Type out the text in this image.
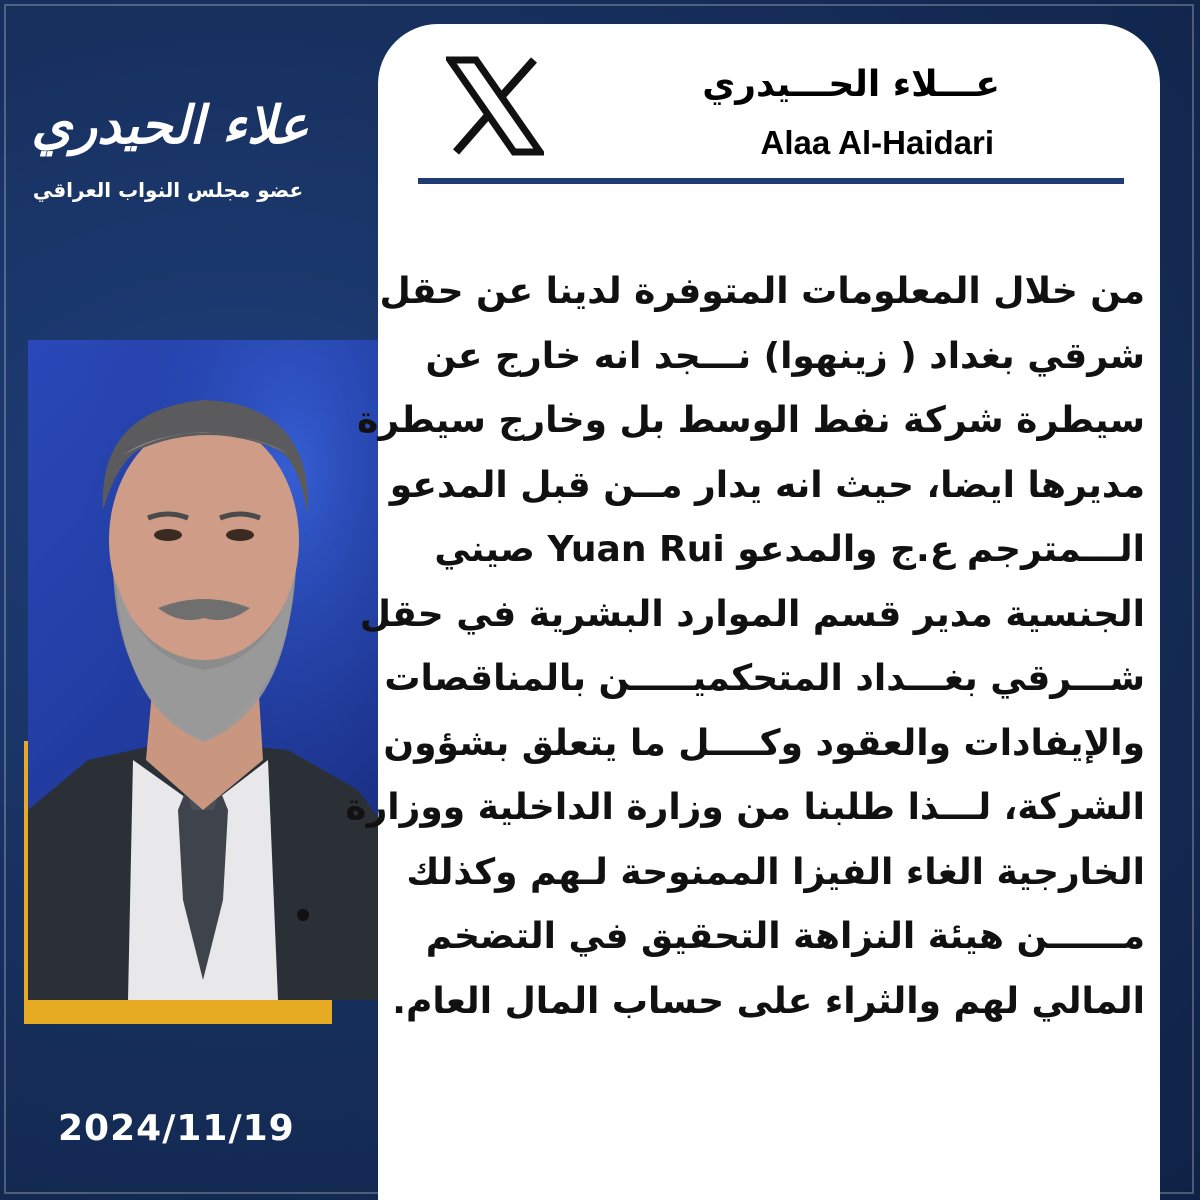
علاء الحيدري
عضو مجلس النواب العراقي
2024/11/19
عـــلاء الحـــيدري
Alaa Al-Haidari
من خلال المعلومات المتوفرة لدينا عن حقل
شرقي بغداد ( زينهوا) نـــجد انه خارج عن
سيطرة شركة نفط الوسط بل وخارج سيطرة
مديرها ايضا، حيث انه يدار مــن قبل المدعو
الـــمترجم ع.ج والمدعو Yuan Rui صيني
الجنسية مدير قسم الموارد البشرية في حقل
شـــرقي بغـــداد المتحكميـــــن بالمناقصات
والإيفادات والعقود وكــــل ما يتعلق بشؤون
الشركة، لـــذا طلبنا من وزارة الداخلية ووزارة
الخارجية الغاء الفيزا الممنوحة لـهم وكذلك
مــــــن هيئة النزاهة التحقيق في التضخم
المالي لهم والثراء على حساب المال العام.
